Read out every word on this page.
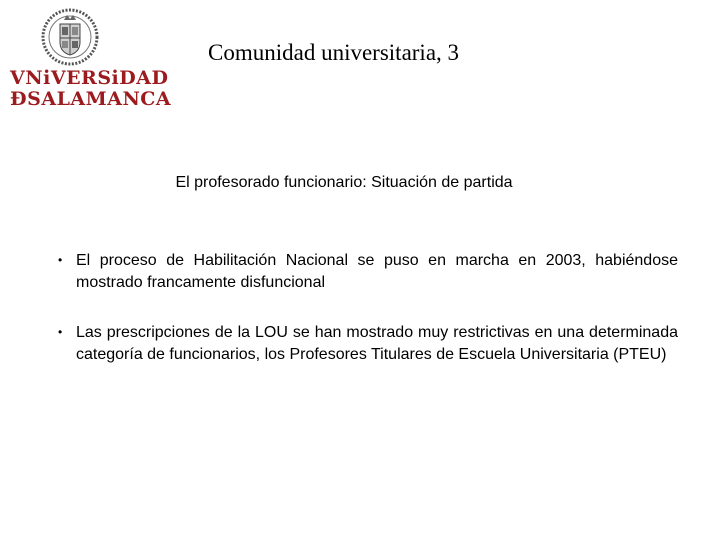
VNiVERSiDAD
ÐSALAMANCA
Comunidad universitaria, 3
El profesorado funcionario: Situación de partida
• El proceso de Habilitación Nacional se puso en marcha en 2003, habiéndose mostrado francamente disfuncional
• Las prescripciones de la LOU se han mostrado muy restrictivas en una determinada categoría de funcionarios, los Profesores Titulares de Escuela Universitaria (PTEU)
